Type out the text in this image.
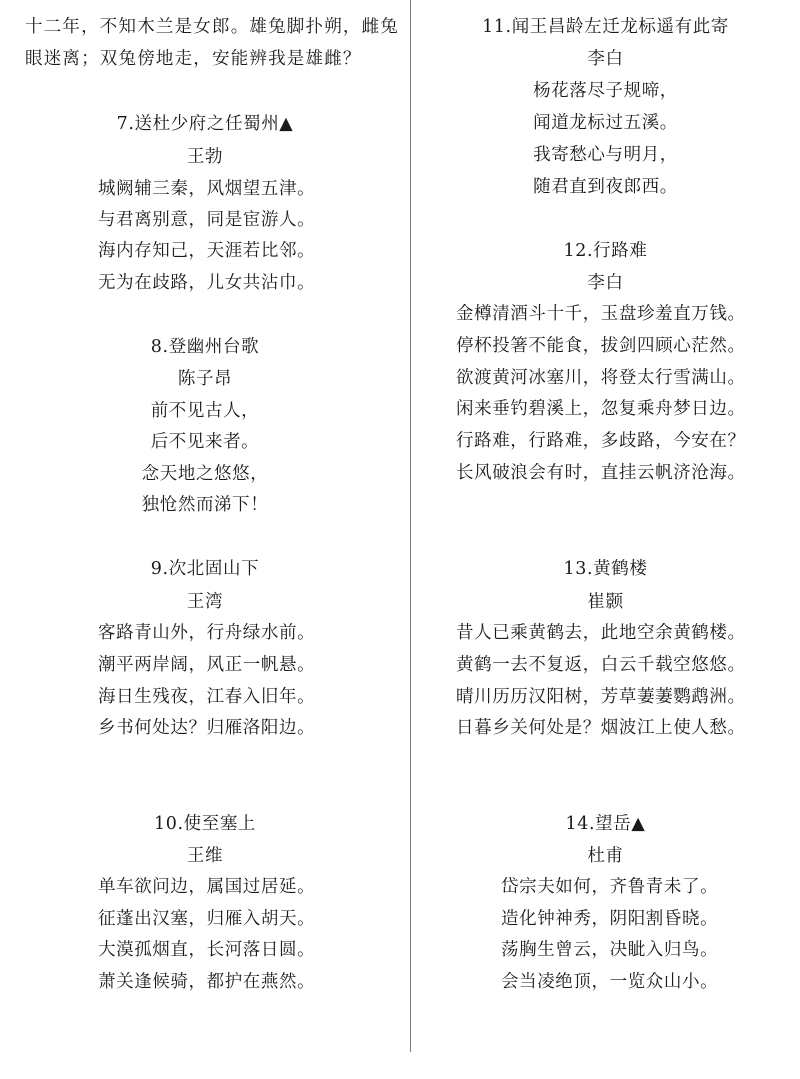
十二年，不知木兰是女郎。雄兔脚扑朔，雌兔
眼迷离；双兔傍地走，安能辨我是雄雌？
7.送杜少府之任蜀州▲
王勃
城阙辅三秦，风烟望五津。
与君离别意，同是宦游人。
海内存知己，天涯若比邻。
无为在歧路，儿女共沾巾。
8.登幽州台歌
陈子昂
前不见古人，
后不见来者。
念天地之悠悠，
独怆然而涕下！
9.次北固山下
王湾
客路青山外，行舟绿水前。
潮平两岸阔，风正一帆悬。
海日生残夜，江春入旧年。
乡书何处达？归雁洛阳边。
10.使至塞上
王维
单车欲问边，属国过居延。
征蓬出汉塞，归雁入胡天。
大漠孤烟直，长河落日圆。
萧关逢候骑，都护在燕然。
11.闻王昌龄左迁龙标遥有此寄
李白
杨花落尽子规啼，
闻道龙标过五溪。
我寄愁心与明月，
随君直到夜郎西。
12.行路难
李白
金樽清酒斗十千，玉盘珍羞直万钱。
停杯投箸不能食，拔剑四顾心茫然。
欲渡黄河冰塞川，将登太行雪满山。
闲来垂钓碧溪上，忽复乘舟梦日边。
行路难，行路难，多歧路，今安在？
长风破浪会有时，直挂云帆济沧海。
13.黄鹤楼
崔颢
昔人已乘黄鹤去，此地空余黄鹤楼。
黄鹤一去不复返，白云千载空悠悠。
晴川历历汉阳树，芳草萋萋鹦鹉洲。
日暮乡关何处是？烟波江上使人愁。
14.望岳▲
杜甫
岱宗夫如何，齐鲁青未了。
造化钟神秀，阴阳割昏晓。
荡胸生曾云，决眦入归鸟。
会当凌绝顶，一览众山小。
